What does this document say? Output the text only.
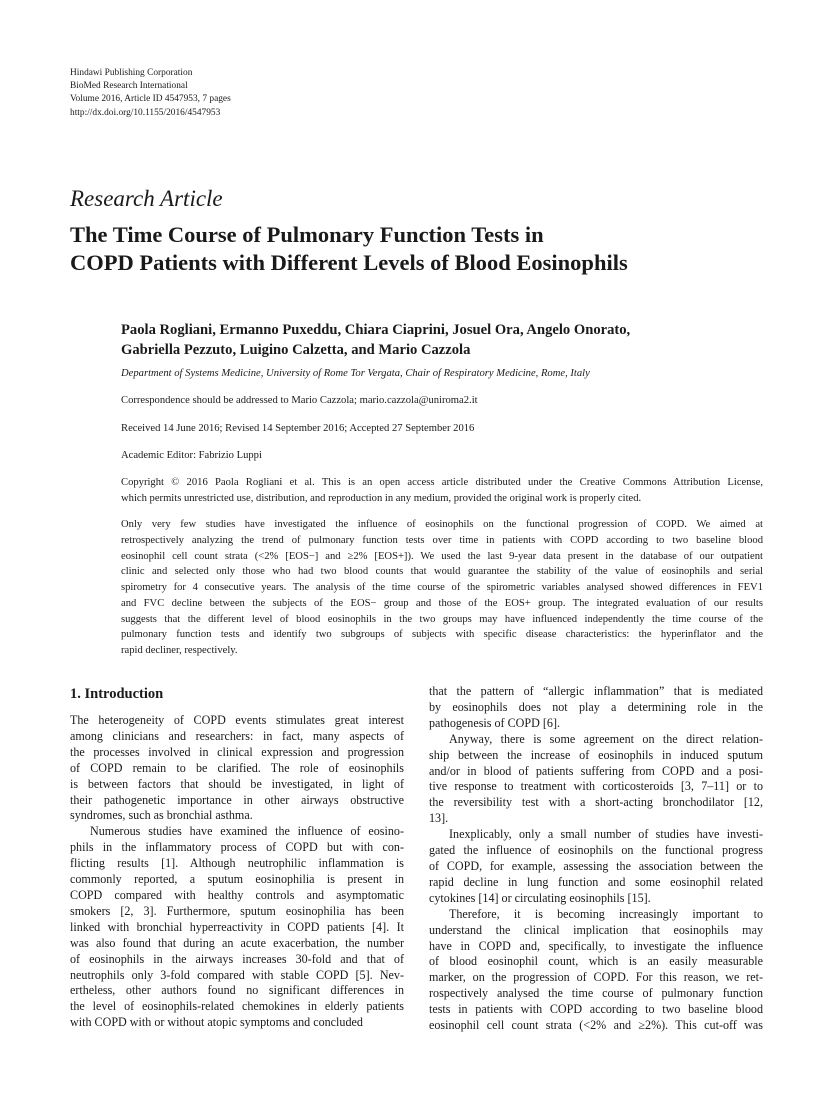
Hindawi Publishing Corporation
BioMed Research International
Volume 2016, Article ID 4547953, 7 pages
http://dx.doi.org/10.1155/2016/4547953
Research Article
The Time Course of Pulmonary Function Tests in
COPD Patients with Different Levels of Blood Eosinophils
Paola Rogliani, Ermanno Puxeddu, Chiara Ciaprini, Josuel Ora, Angelo Onorato,
Gabriella Pezzuto, Luigino Calzetta, and Mario Cazzola
Department of Systems Medicine, University of Rome Tor Vergata, Chair of Respiratory Medicine, Rome, Italy
Correspondence should be addressed to Mario Cazzola; mario.cazzola@uniroma2.it
Received 14 June 2016; Revised 14 September 2016; Accepted 27 September 2016
Academic Editor: Fabrizio Luppi
Copyright © 2016 Paola Rogliani et al. This is an open access article distributed under the Creative Commons Attribution License,
which permits unrestricted use, distribution, and reproduction in any medium, provided the original work is properly cited.
Only very few studies have investigated the influence of eosinophils on the functional progression of COPD. We aimed at
retrospectively analyzing the trend of pulmonary function tests over time in patients with COPD according to two baseline blood
eosinophil cell count strata (<2% [EOS−] and ≥2% [EOS+]). We used the last 9-year data present in the database of our outpatient
clinic and selected only those who had two blood counts that would guarantee the stability of the value of eosinophils and serial
spirometry for 4 consecutive years. The analysis of the time course of the spirometric variables analysed showed differences in FEV1
and FVC decline between the subjects of the EOS− group and those of the EOS+ group. The integrated evaluation of our results
suggests that the different level of blood eosinophils in the two groups may have influenced independently the time course of the
pulmonary function tests and identify two subgroups of subjects with specific disease characteristics: the hyperinflator and the
rapid decliner, respectively.
1. Introduction
The heterogeneity of COPD events stimulates great interest
among clinicians and researchers: in fact, many aspects of
the processes involved in clinical expression and progression
of COPD remain to be clarified. The role of eosinophils
is between factors that should be investigated, in light of
their pathogenetic importance in other airways obstructive
syndromes, such as bronchial asthma.
Numerous studies have examined the influence of eosino-
phils in the inflammatory process of COPD but with con-
flicting results [1]. Although neutrophilic inflammation is
commonly reported, a sputum eosinophilia is present in
COPD compared with healthy controls and asymptomatic
smokers [2, 3]. Furthermore, sputum eosinophilia has been
linked with bronchial hyperreactivity in COPD patients [4]. It
was also found that during an acute exacerbation, the number
of eosinophils in the airways increases 30-fold and that of
neutrophils only 3-fold compared with stable COPD [5]. Nev-
ertheless, other authors found no significant differences in
the level of eosinophils-related chemokines in elderly patients
with COPD with or without atopic symptoms and concluded
that the pattern of “allergic inflammation” that is mediated
by eosinophils does not play a determining role in the
pathogenesis of COPD [6].
Anyway, there is some agreement on the direct relation-
ship between the increase of eosinophils in induced sputum
and/or in blood of patients suffering from COPD and a posi-
tive response to treatment with corticosteroids [3, 7–11] or to
the reversibility test with a short-acting bronchodilator [12,
13].
Inexplicably, only a small number of studies have investi-
gated the influence of eosinophils on the functional progress
of COPD, for example, assessing the association between the
rapid decline in lung function and some eosinophil related
cytokines [14] or circulating eosinophils [15].
Therefore, it is becoming increasingly important to
understand the clinical implication that eosinophils may
have in COPD and, specifically, to investigate the influence
of blood eosinophil count, which is an easily measurable
marker, on the progression of COPD. For this reason, we ret-
rospectively analysed the time course of pulmonary function
tests in patients with COPD according to two baseline blood
eosinophil cell count strata (<2% and ≥2%). This cut-off was
